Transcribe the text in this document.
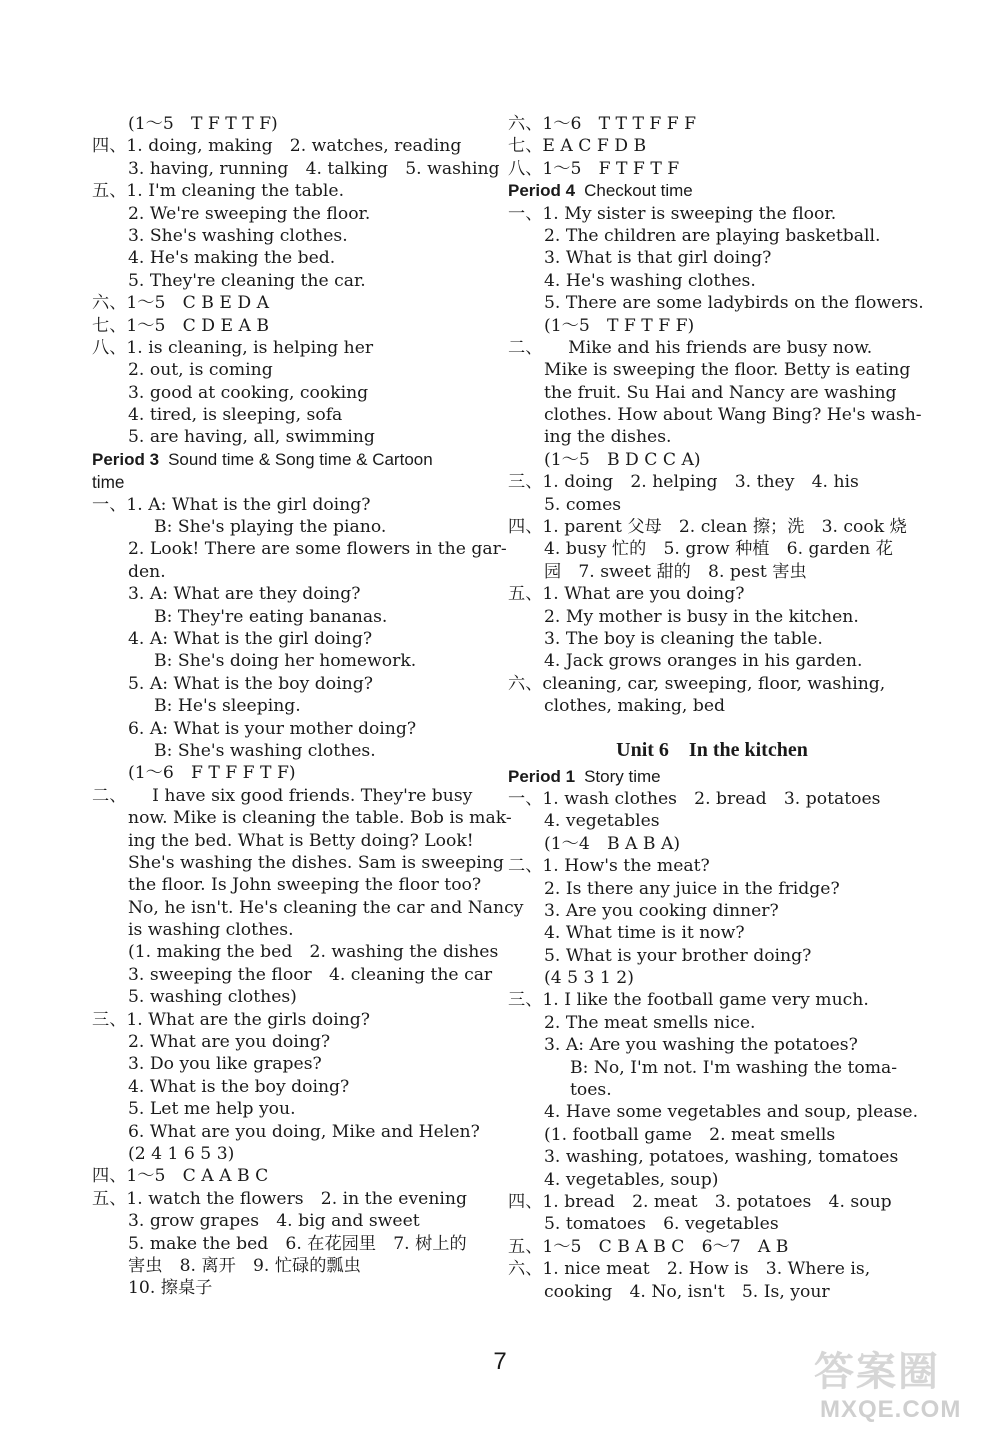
(1～5　T F T T F)
四、1. doing, making　2. watches, reading
3. having, running　4. talking　5. washing
五、1. I'm cleaning the table.
2. We're sweeping the floor.
3. She's washing clothes.
4. He's making the bed.
5. They're cleaning the car.
六、1～5　C B E D A
七、1～5　C D E A B
八、1. is cleaning, is helping her
2. out, is coming
3. good at cooking, cooking
4. tired, is sleeping, sofa
5. are having, all, swimming
Period 3 Sound time & Song time & Cartoon
time
一、1. A: What is the girl doing?
B: She's playing the piano.
2. Look! There are some flowers in the gar-
den.
3. A: What are they doing?
B: They're eating bananas.
4. A: What is the girl doing?
B: She's doing her homework.
5. A: What is the boy doing?
B: He's sleeping.
6. A: What is your mother doing?
B: She's washing clothes.
(1～6　F T F F T F)
二、　　I have six good friends. They're busy
now. Mike is cleaning the table. Bob is mak-
ing the bed. What is Betty doing? Look!
She's washing the dishes. Sam is sweeping
the floor. Is John sweeping the floor too?
No, he isn't. He's cleaning the car and Nancy
is washing clothes.
(1. making the bed　2. washing the dishes
3. sweeping the floor　4. cleaning the car
5. washing clothes)
三、1. What are the girls doing?
2. What are you doing?
3. Do you like grapes?
4. What is the boy doing?
5. Let me help you.
6. What are you doing, Mike and Helen?
(2 4 1 6 5 3)
四、1～5　C A A B C
五、1. watch the flowers　2. in the evening
3. grow grapes　4. big and sweet
5. make the bed　6. 在花园里　7. 树上的
害虫　8. 离开　9. 忙碌的瓢虫
10. 擦桌子
六、1～6　T T T F F F
七、E A C F D B
八、1～5　F T F T F
Period 4 Checkout time
一、1. My sister is sweeping the floor.
2. The children are playing basketball.
3. What is that girl doing?
4. He's washing clothes.
5. There are some ladybirds on the flowers.
(1～5　T F T F F)
二、　　Mike and his friends are busy now.
Mike is sweeping the floor. Betty is eating
the fruit. Su Hai and Nancy are washing
clothes. How about Wang Bing? He's wash-
ing the dishes.
(1～5　B D C C A)
三、1. doing　2. helping　3. they　4. his
5. comes
四、1. parent 父母　2. clean 擦；洗　3. cook 烧
4. busy 忙的　5. grow 种植　6. garden 花
园　7. sweet 甜的　8. pest 害虫
五、1. What are you doing?
2. My mother is busy in the kitchen.
3. The boy is cleaning the table.
4. Jack grows oranges in his garden.
六、cleaning, car, sweeping, floor, washing,
clothes, making, bed
Unit 6　In the kitchen
Period 1 Story time
一、1. wash clothes　2. bread　3. potatoes
4. vegetables
(1～4　B A B A)
二、1. How's the meat?
2. Is there any juice in the fridge?
3. Are you cooking dinner?
4. What time is it now?
5. What is your brother doing?
(4 5 3 1 2)
三、1. I like the football game very much.
2. The meat smells nice.
3. A: Are you washing the potatoes?
B: No, I'm not. I'm washing the toma-
toes.
4. Have some vegetables and soup, please.
(1. football game　2. meat smells
3. washing, potatoes, washing, tomatoes
4. vegetables, soup)
四、1. bread　2. meat　3. potatoes　4. soup
5. tomatoes　6. vegetables
五、1～5　C B A B C　6～7　A B
六、1. nice meat　2. How is　3. Where is,
cooking　4. No, isn't　5. Is, your
7	答案圈
MXQE.COM
